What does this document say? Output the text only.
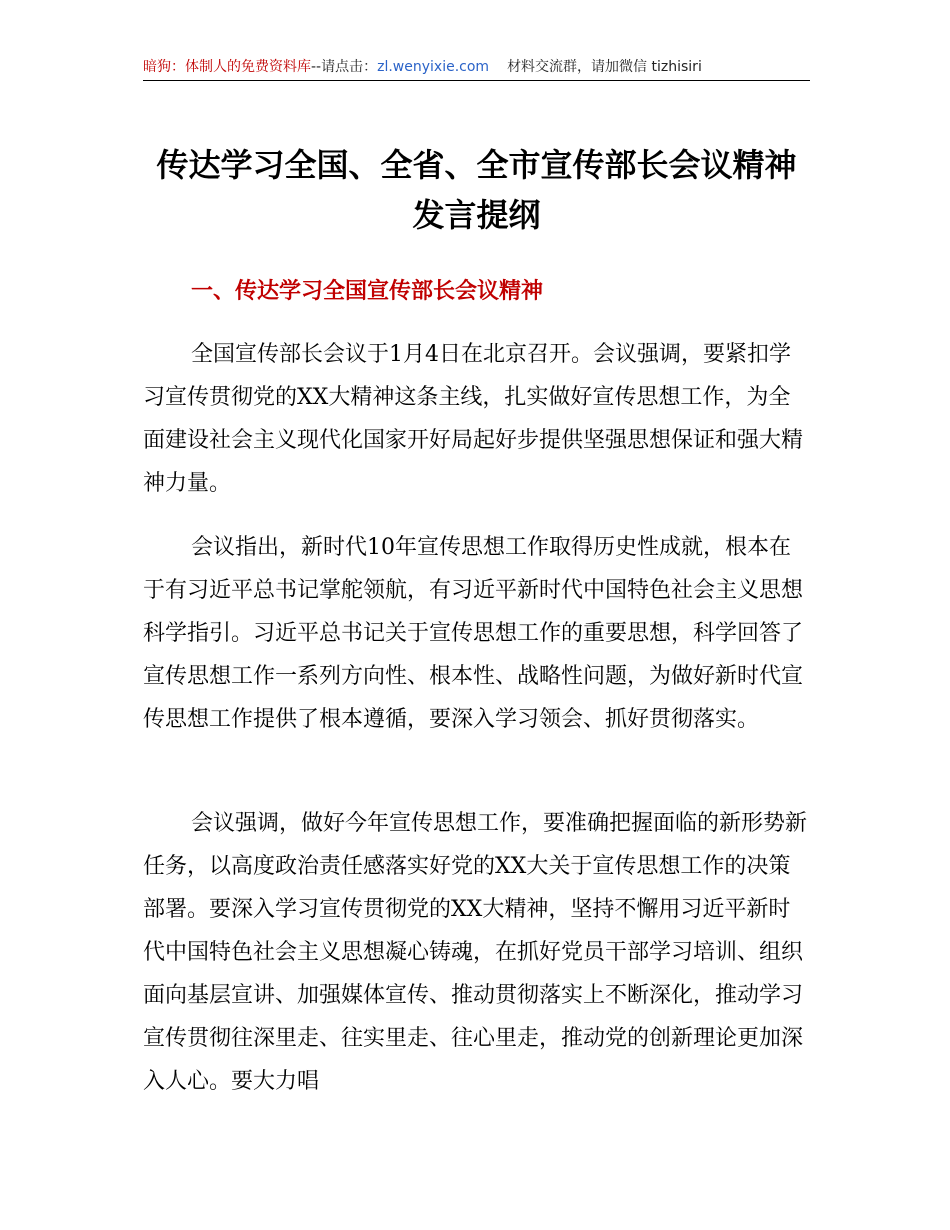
暗狗：体制人的免费资料库--请点击：zl.wenyixie.com 材料交流群，请加微信 tizhisiri
传达学习全国、全省、全市宣传部长会议精神发言提纲
一、传达学习全国宣传部长会议精神

全国宣传部长会议于1月4日在北京召开。会议强调，要紧扣学习宣传贯彻党的XX大精神这条主线，扎实做好宣传思想工作，为全面建设社会主义现代化国家开好局起好步提供坚强思想保证和强大精神力量。

会议指出，新时代10年宣传思想工作取得历史性成就，根本在于有习近平总书记掌舵领航，有习近平新时代中国特色社会主义思想科学指引。习近平总书记关于宣传思想工作的重要思想，科学回答了宣传思想工作一系列方向性、根本性、战略性问题，为做好新时代宣传思想工作提供了根本遵循，要深入学习领会、抓好贯彻落实。

会议强调，做好今年宣传思想工作，要准确把握面临的新形势新任务，以高度政治责任感落实好党的XX大关于宣传思想工作的决策部署。要深入学习宣传贯彻党的XX大精神，坚持不懈用习近平新时代中国特色社会主义思想凝心铸魂，在抓好党员干部学习培训、组织面向基层宣讲、加强媒体宣传、推动贯彻落实上不断深化，推动学习宣传贯彻往深里走、往实里走、往心里走，推动党的创新理论更加深入人心。要大力唱
